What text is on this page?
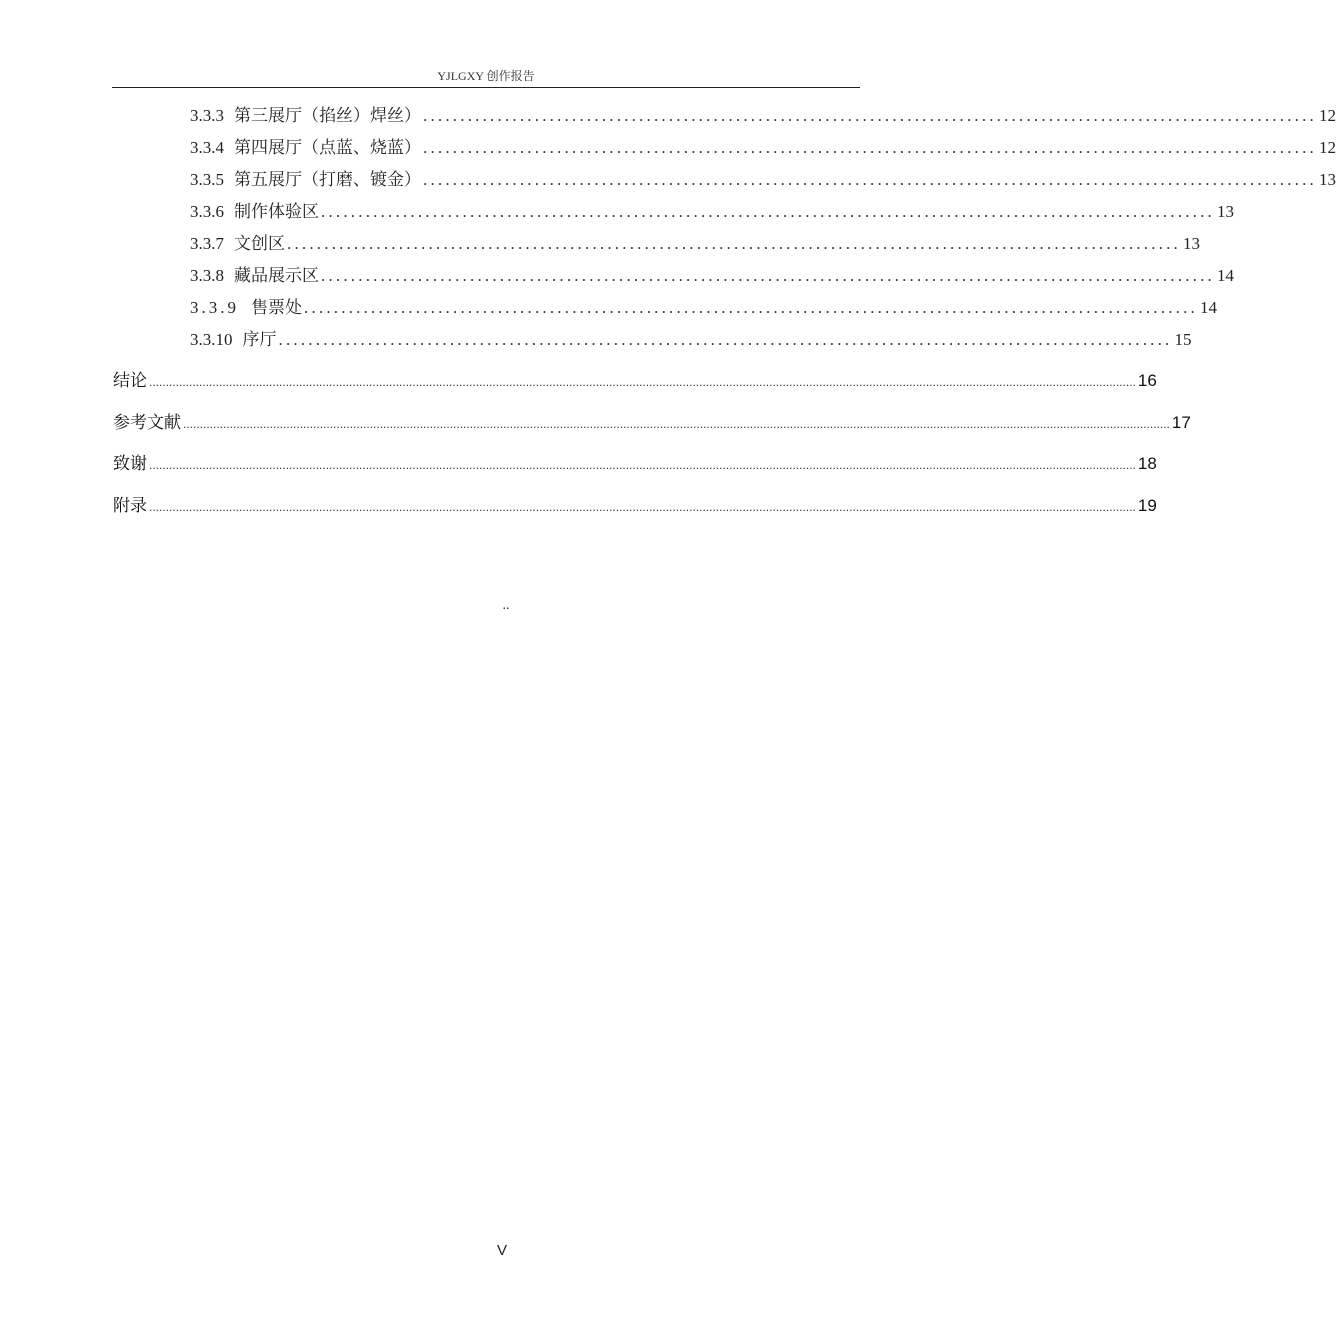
YJLGXY 创作报告
3.3.3 第三展厅（掐丝）焊丝） ........................................................................................................................ 12
3.3.4 第四展厅（点蓝、烧蓝） ........................................................................................................................ 12
3.3.5 第五展厅（打磨、镀金） ........................................................................................................................ 13
3.3.6 制作体验区 ........................................................................................................................ 13
3.3.7 文创区 ........................................................................................................................ 13
3.3.8 藏品展示区 ........................................................................................................................ 14
3.3.9 售票处 ........................................................................................................................ 14
3.3.10 序厅 ........................................................................................................................ 15
结论 ........................................................................................................................................................................................................................................................................................................ 16
参考文献 ........................................................................................................................................................................................................................................................................................................ 17
致谢 ........................................................................................................................................................................................................................................................................................................ 18
附录 ........................................................................................................................................................................................................................................................................................................ 19
..
V
